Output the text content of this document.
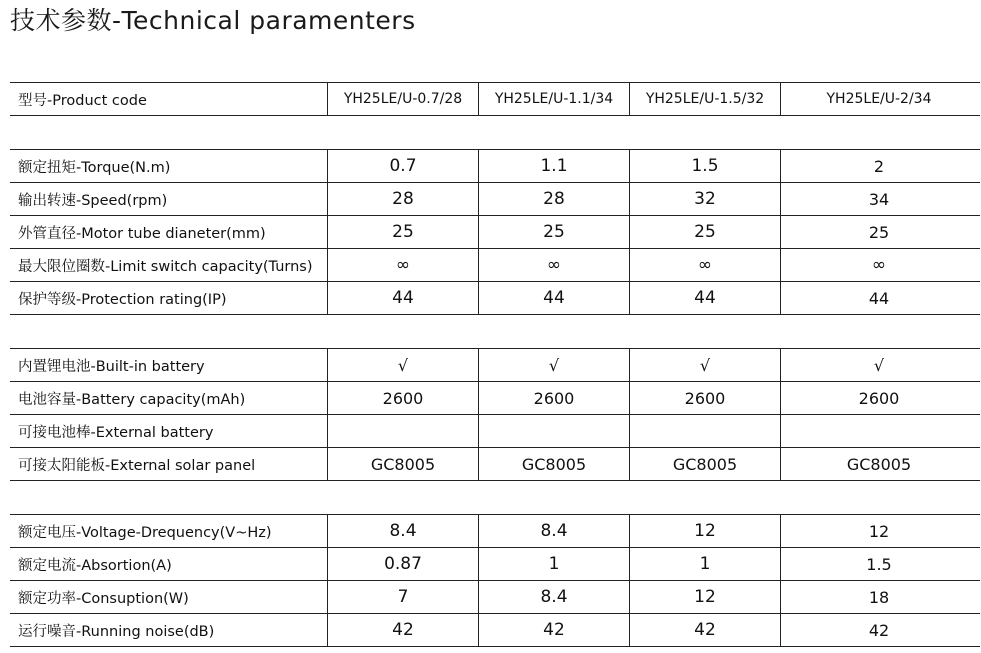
技术参数-Technical paramenters
型号-Product code	YH25LE/U-0.7/28	YH25LE/U-1.1/34	YH25LE/U-1.5/32	YH25LE/U-2/34
额定扭矩-Torque(N.m)	0.7	1.1	1.5	2
输出转速-Speed(rpm)	28	28	32	34
外管直径-Motor tube dianeter(mm)	25	25	25	25
最大限位圈数-Limit switch capacity(Turns)	∞	∞	∞	∞
保护等级-Protection rating(IP)	44	44	44	44
内置锂电池-Built-in battery	√	√	√	√
电池容量-Battery capacity(mAh)	2600	2600	2600	2600
可接电池棒-External battery
可接太阳能板-External solar panel	GC8005	GC8005	GC8005	GC8005
额定电压-Voltage-Drequency(V~Hz)	8.4	8.4	12	12
额定电流-Absortion(A)	0.87	1	1	1.5
额定功率-Consuption(W)	7	8.4	12	18
运行噪音-Running noise(dB)	42	42	42	42
